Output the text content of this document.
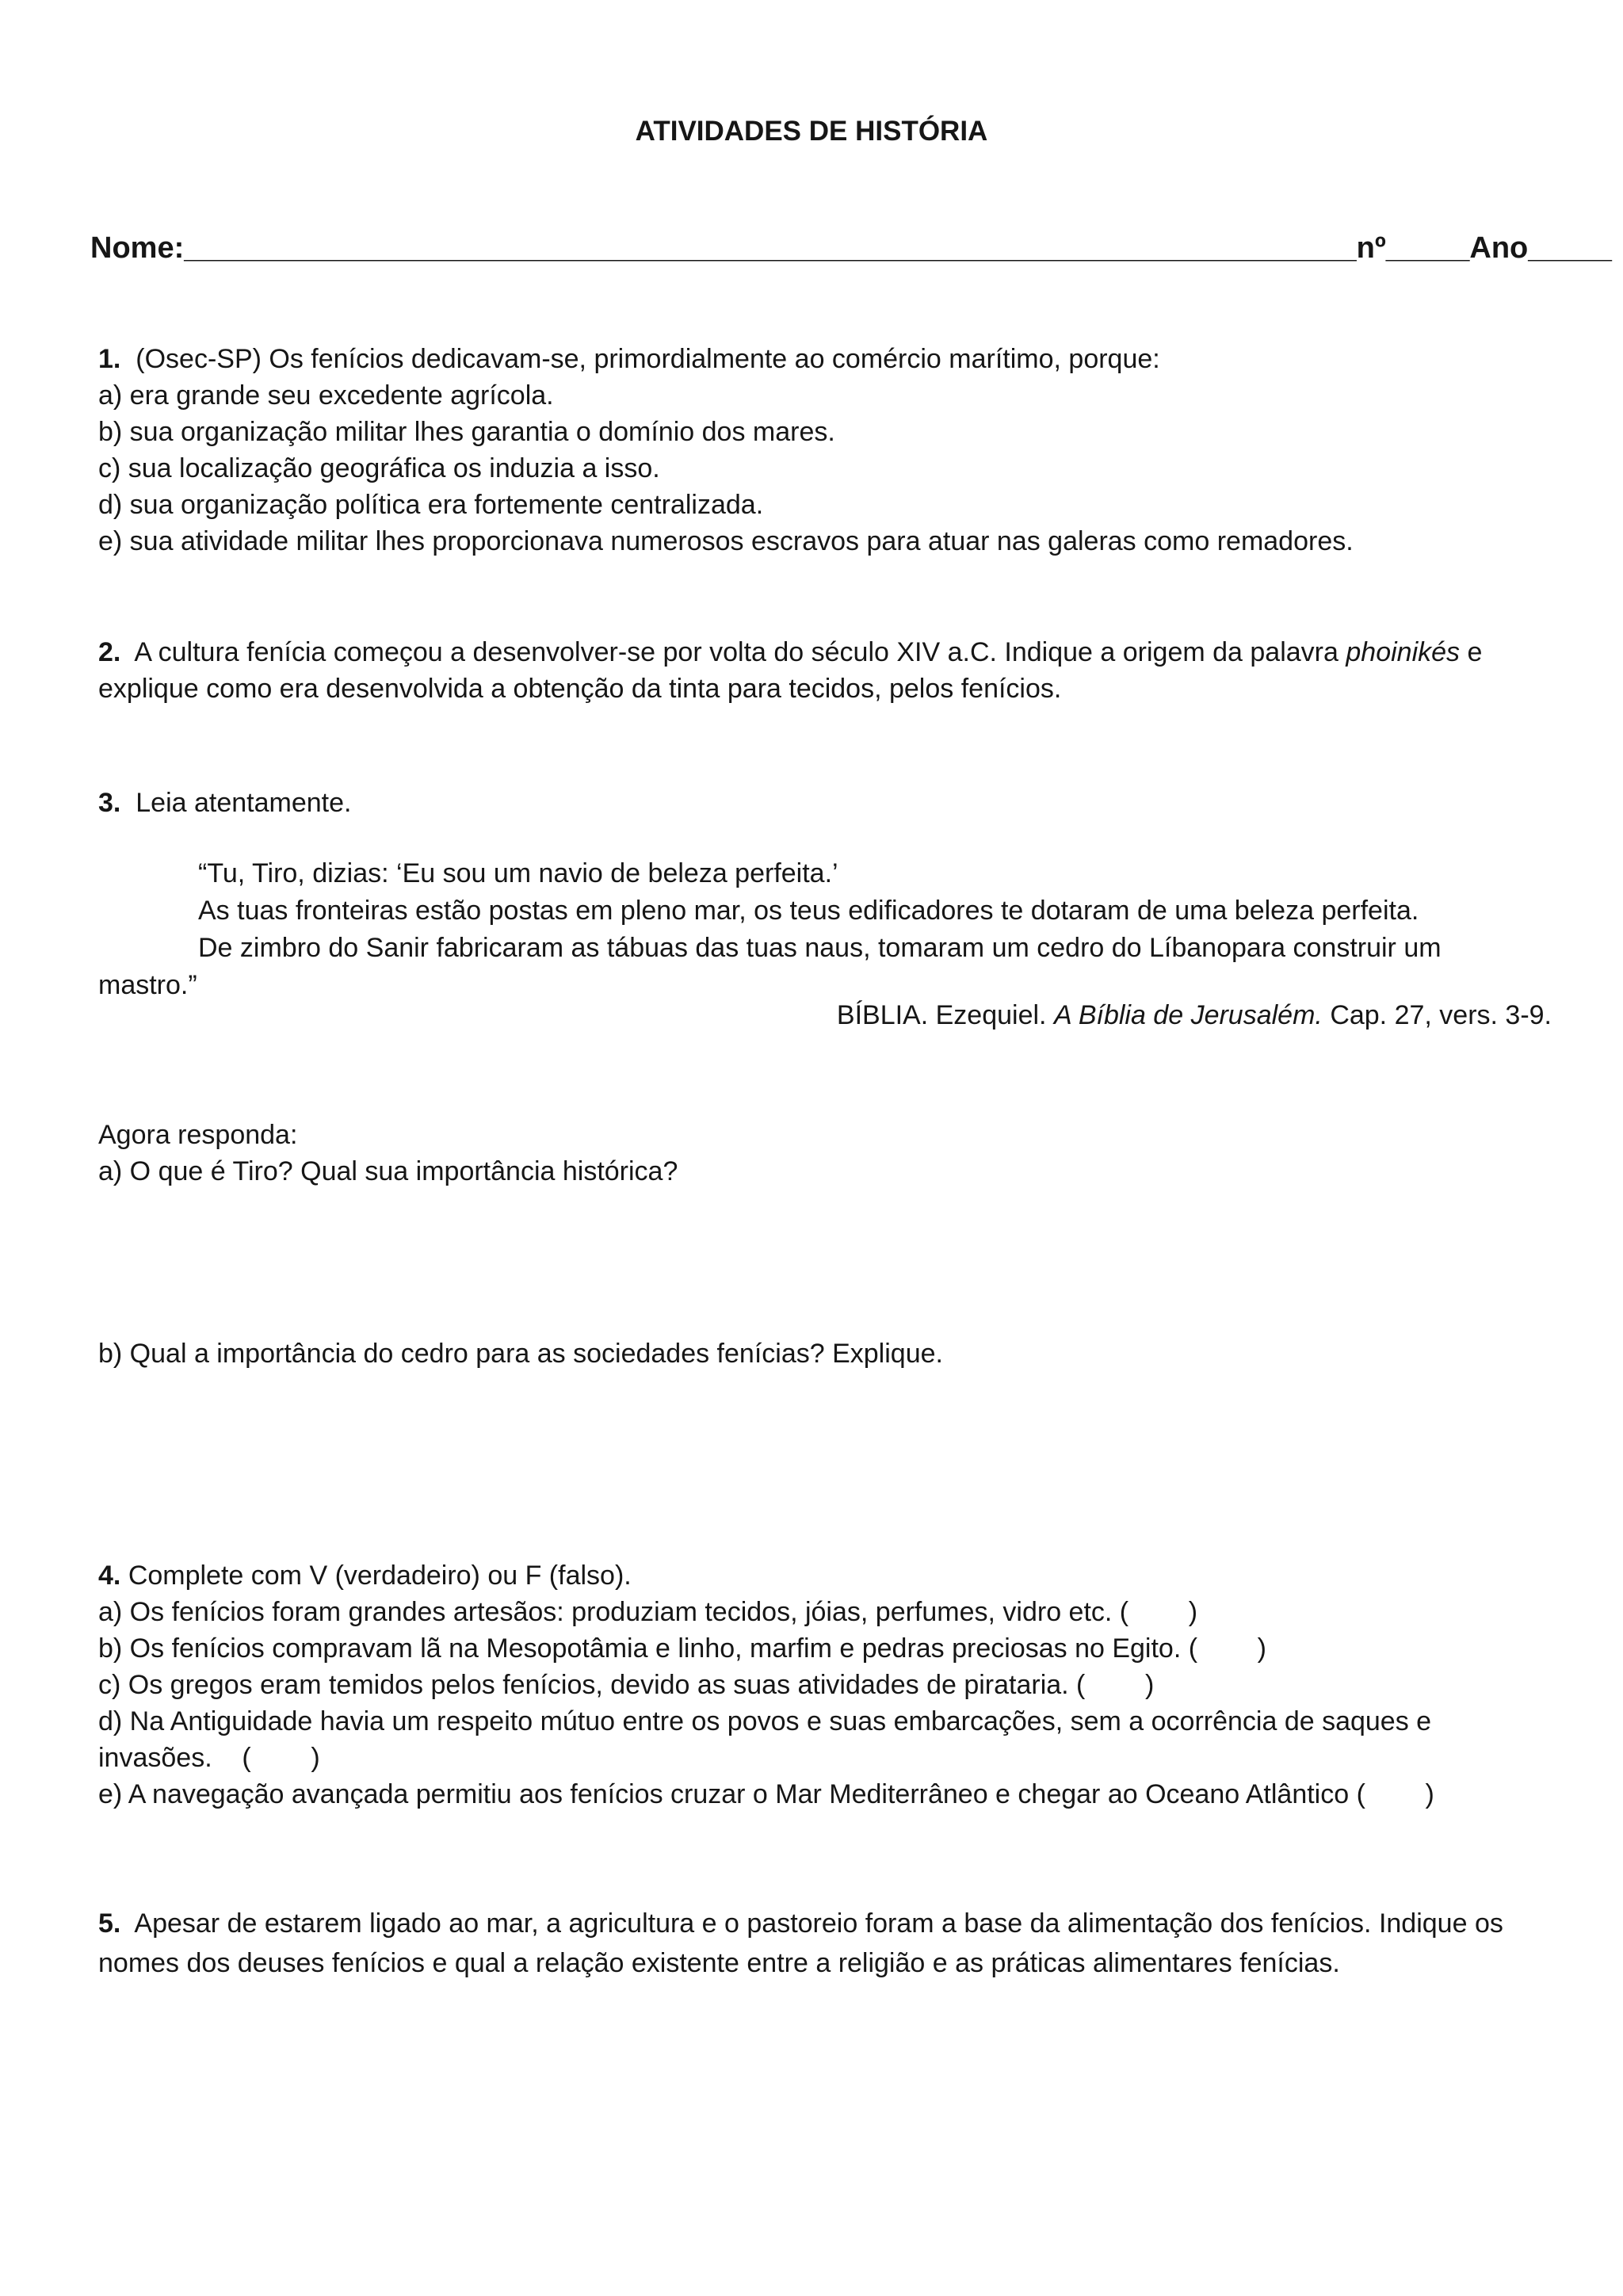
ATIVIDADES DE HISTÓRIA
Nome:______________________________________________________________________nº_____Ano_____

1. (Osec-SP) Os fenícios dedicavam-se, primordialmente ao comércio marítimo, porque:

a) era grande seu excedente agrícola.

b) sua organização militar lhes garantia o domínio dos mares.

c) sua localização geográfica os induzia a isso.

d) sua organização política era fortemente centralizada.

e) sua atividade militar lhes proporcionava numerosos escravos para atuar nas galeras como remadores.

2. A cultura fenícia começou a desenvolver-se por volta do século XIV a.C. Indique a origem da palavra phoinikés e

explique como era desenvolvida a obtenção da tinta para tecidos, pelos fenícios.

3. Leia atentamente.

“Tu, Tiro, dizias: ‘Eu sou um navio de beleza perfeita.’

As tuas fronteiras estão postas em pleno mar, os teus edificadores te dotaram de uma beleza perfeita.

De zimbro do Sanir fabricaram as tábuas das tuas naus, tomaram um cedro do Líbanopara construir um

mastro.”

BÍBLIA. Ezequiel. A Bíblia de Jerusalém. Cap. 27, vers. 3-9.

Agora responda:

a) O que é Tiro? Qual sua importância histórica?

b) Qual a importância do cedro para as sociedades fenícias? Explique.

4. Complete com V (verdadeiro) ou F (falso).

a) Os fenícios foram grandes artesãos: produziam tecidos, jóias, perfumes, vidro etc. (        )

b) Os fenícios compravam lã na Mesopotâmia e linho, marfim e pedras preciosas no Egito. (        )

c) Os gregos eram temidos pelos fenícios, devido as suas atividades de pirataria. (        )

d) Na Antiguidade havia um respeito mútuo entre os povos e suas embarcações, sem a ocorrência de saques e

invasões.    (        )

e) A navegação avançada permitiu aos fenícios cruzar o Mar Mediterrâneo e chegar ao Oceano Atlântico (        )

5. Apesar de estarem ligado ao mar, a agricultura e o pastoreio foram a base da alimentação dos fenícios. Indique os

nomes dos deuses fenícios e qual a relação existente entre a religião e as práticas alimentares fenícias.
